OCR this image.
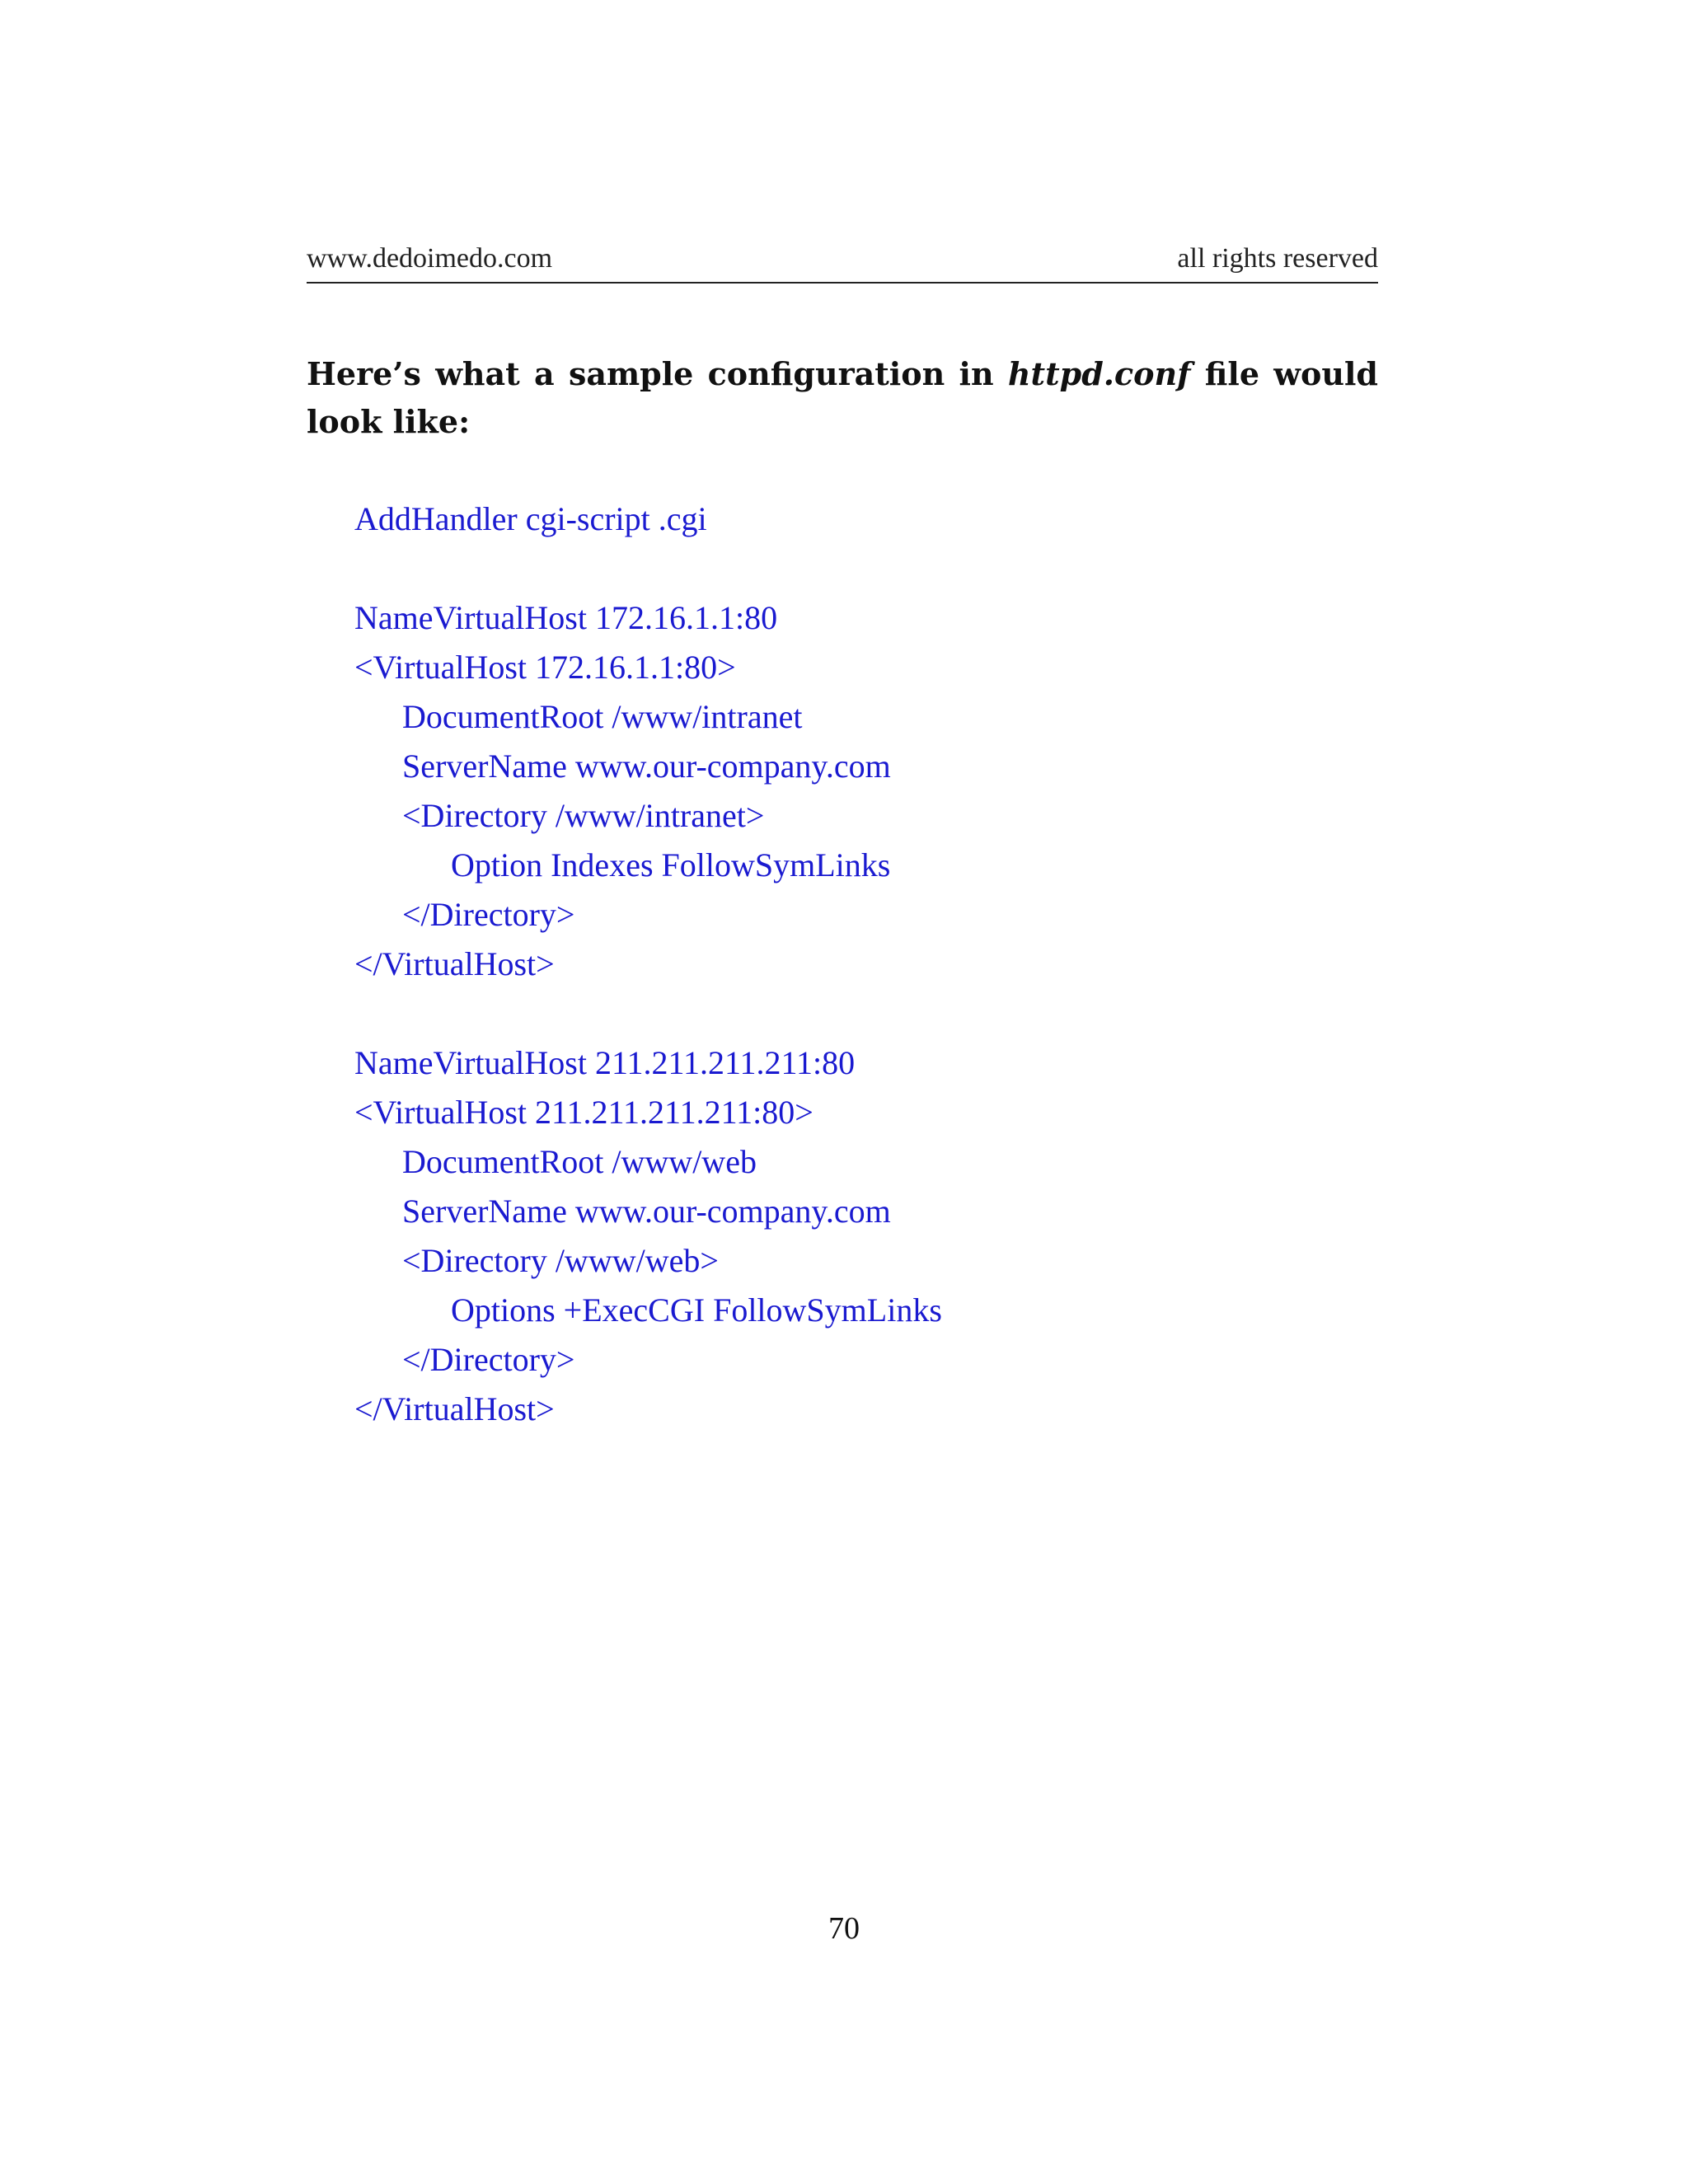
www.dedoimedo.com	all rights reserved
Here’s what a sample configuration in httpd.conf file would look like:
AddHandler cgi-script .cgi
NameVirtualHost 172.16.1.1:80
<VirtualHost 172.16.1.1:80>
DocumentRoot /www/intranet
ServerName www.our-company.com
<Directory /www/intranet>
Option Indexes FollowSymLinks
</Directory>
</VirtualHost>
NameVirtualHost 211.211.211.211:80
<VirtualHost 211.211.211.211:80>
DocumentRoot /www/web
ServerName www.our-company.com
<Directory /www/web>
Options +ExecCGI FollowSymLinks
</Directory>
</VirtualHost>
70
